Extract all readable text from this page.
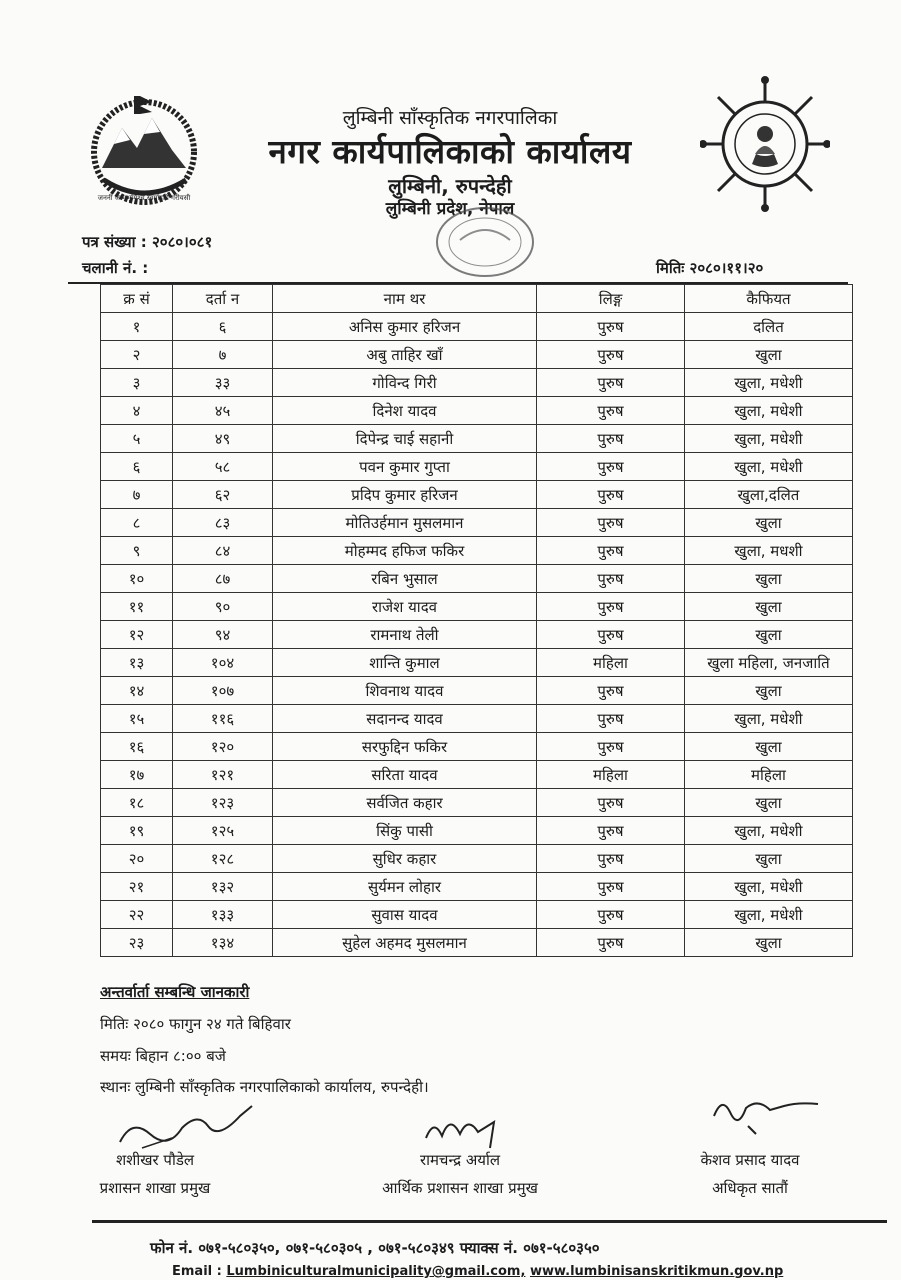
जननी जन्मभूमिश्च स्वर्गादपि गरीयसी
लुम्बिनी साँस्कृतिक नगरपालिका
नगर कार्यपालिकाको कार्यालय
लुम्बिनी, रुपन्देही
लुम्बिनी प्रदेश, नेपाल
पत्र संख्या : २०८०।०८१
चलानी नं. :	मितिः २०८०।११।२०
क्र सं	दर्ता न	नाम थर	लिङ्ग	कैफियत
१	६	अनिस कुमार हरिजन	पुरुष	दलित
२	७	अबु ताहिर खाँ	पुरुष	खुला
३	३३	गोविन्द गिरी	पुरुष	खुला, मधेशी
४	४५	दिनेश यादव	पुरुष	खुला, मधेशी
५	४९	दिपेन्द्र चाई सहानी	पुरुष	खुला, मधेशी
६	५८	पवन कुमार गुप्ता	पुरुष	खुला, मधेशी
७	६२	प्रदिप कुमार हरिजन	पुरुष	खुला,दलित
८	८३	मोतिउर्हमान मुसलमान	पुरुष	खुला
९	८४	मोहम्मद हफिज फकिर	पुरुष	खुला, मधशी
१०	८७	रबिन भुसाल	पुरुष	खुला
११	९०	राजेश यादव	पुरुष	खुला
१२	९४	रामनाथ तेली	पुरुष	खुला
१३	१०४	शान्ति कुमाल	महिला	खुला महिला, जनजाति
१४	१०७	शिवनाथ यादव	पुरुष	खुला
१५	११६	सदानन्द यादव	पुरुष	खुला, मधेशी
१६	१२०	सरफुद्दिन फकिर	पुरुष	खुला
१७	१२१	सरिता यादव	महिला	महिला
१८	१२३	सर्वजित कहार	पुरुष	खुला
१९	१२५	सिंकु पासी	पुरुष	खुला, मधेशी
२०	१२८	सुधिर कहार	पुरुष	खुला
२१	१३२	सुर्यमन लोहार	पुरुष	खुला, मधेशी
२२	१३३	सुवास यादव	पुरुष	खुला, मधेशी
२३	१३४	सुहेल अहमद मुसलमान	पुरुष	खुला
अन्तर्वार्ता सम्बन्धि जानकारी
मितिः २०८० फागुन २४ गते बिहिवार
समयः बिहान ८:०० बजे
स्थानः लुम्बिनी साँस्कृतिक नगरपालिकाको कार्यालय, रुपन्देही।
शशीखर पौडेल
प्रशासन शाखा प्रमुख
रामचन्द्र अर्याल
आर्थिक प्रशासन शाखा प्रमुख
केशव प्रसाद यादव
अधिकृत सातौं
फोन नं. ०७१-५८०३५०, ०७१-५८०३०५ , ०७१-५८०३४९ फ्याक्स नं. ०७१-५८०३५०
Email : Lumbiniculturalmunicipality@gmail.com, www.lumbinisanskritikmun.gov.np
